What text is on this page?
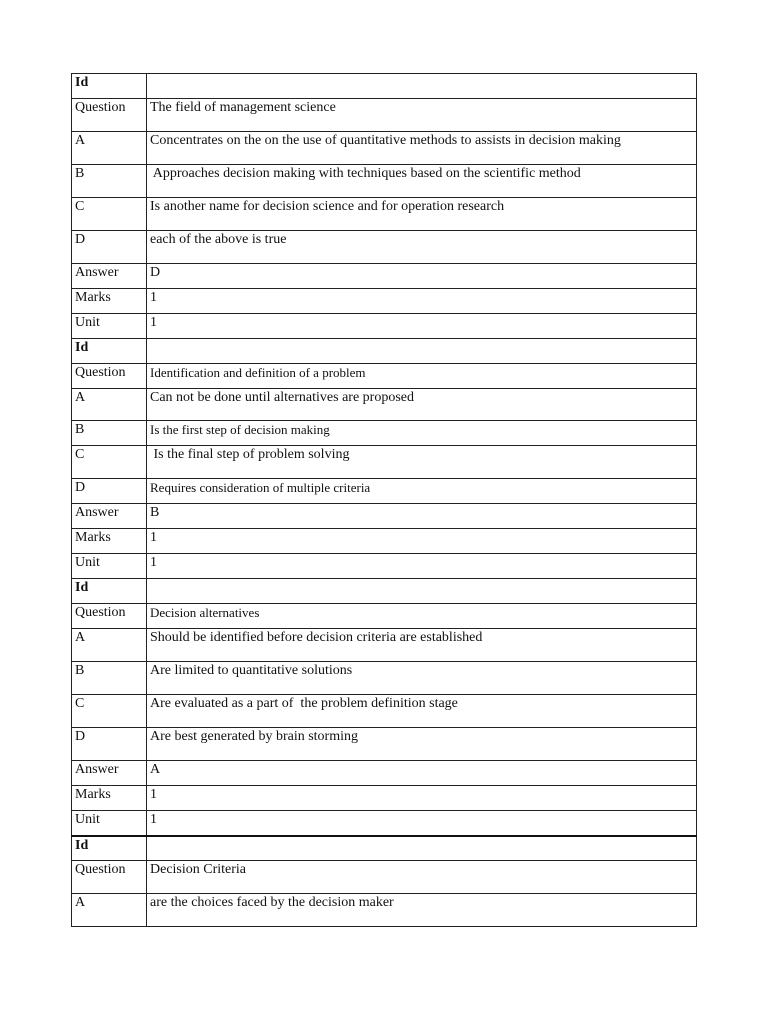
Id	
Question	The field of management science
A	Concentrates on the on the use of quantitative methods to assists in decision making
B	Approaches decision making with techniques based on the scientific method
C	Is another name for decision science and for operation research
D	each of the above is true
Answer	D
Marks	1
Unit	1
Id	
Question	Identification and definition of a problem
A	Can not be done until alternatives are proposed
B	Is the first step of decision making
C	Is the final step of problem solving
D	Requires consideration of multiple criteria
Answer	B
Marks	1
Unit	1
Id	
Question	Decision alternatives
A	Should be identified before decision criteria are established
B	Are limited to quantitative solutions
C	Are evaluated as a part of  the problem definition stage
D	Are best generated by brain storming
Answer	A
Marks	1
Unit	1
Id	
Question	Decision Criteria
A	are the choices faced by the decision maker
